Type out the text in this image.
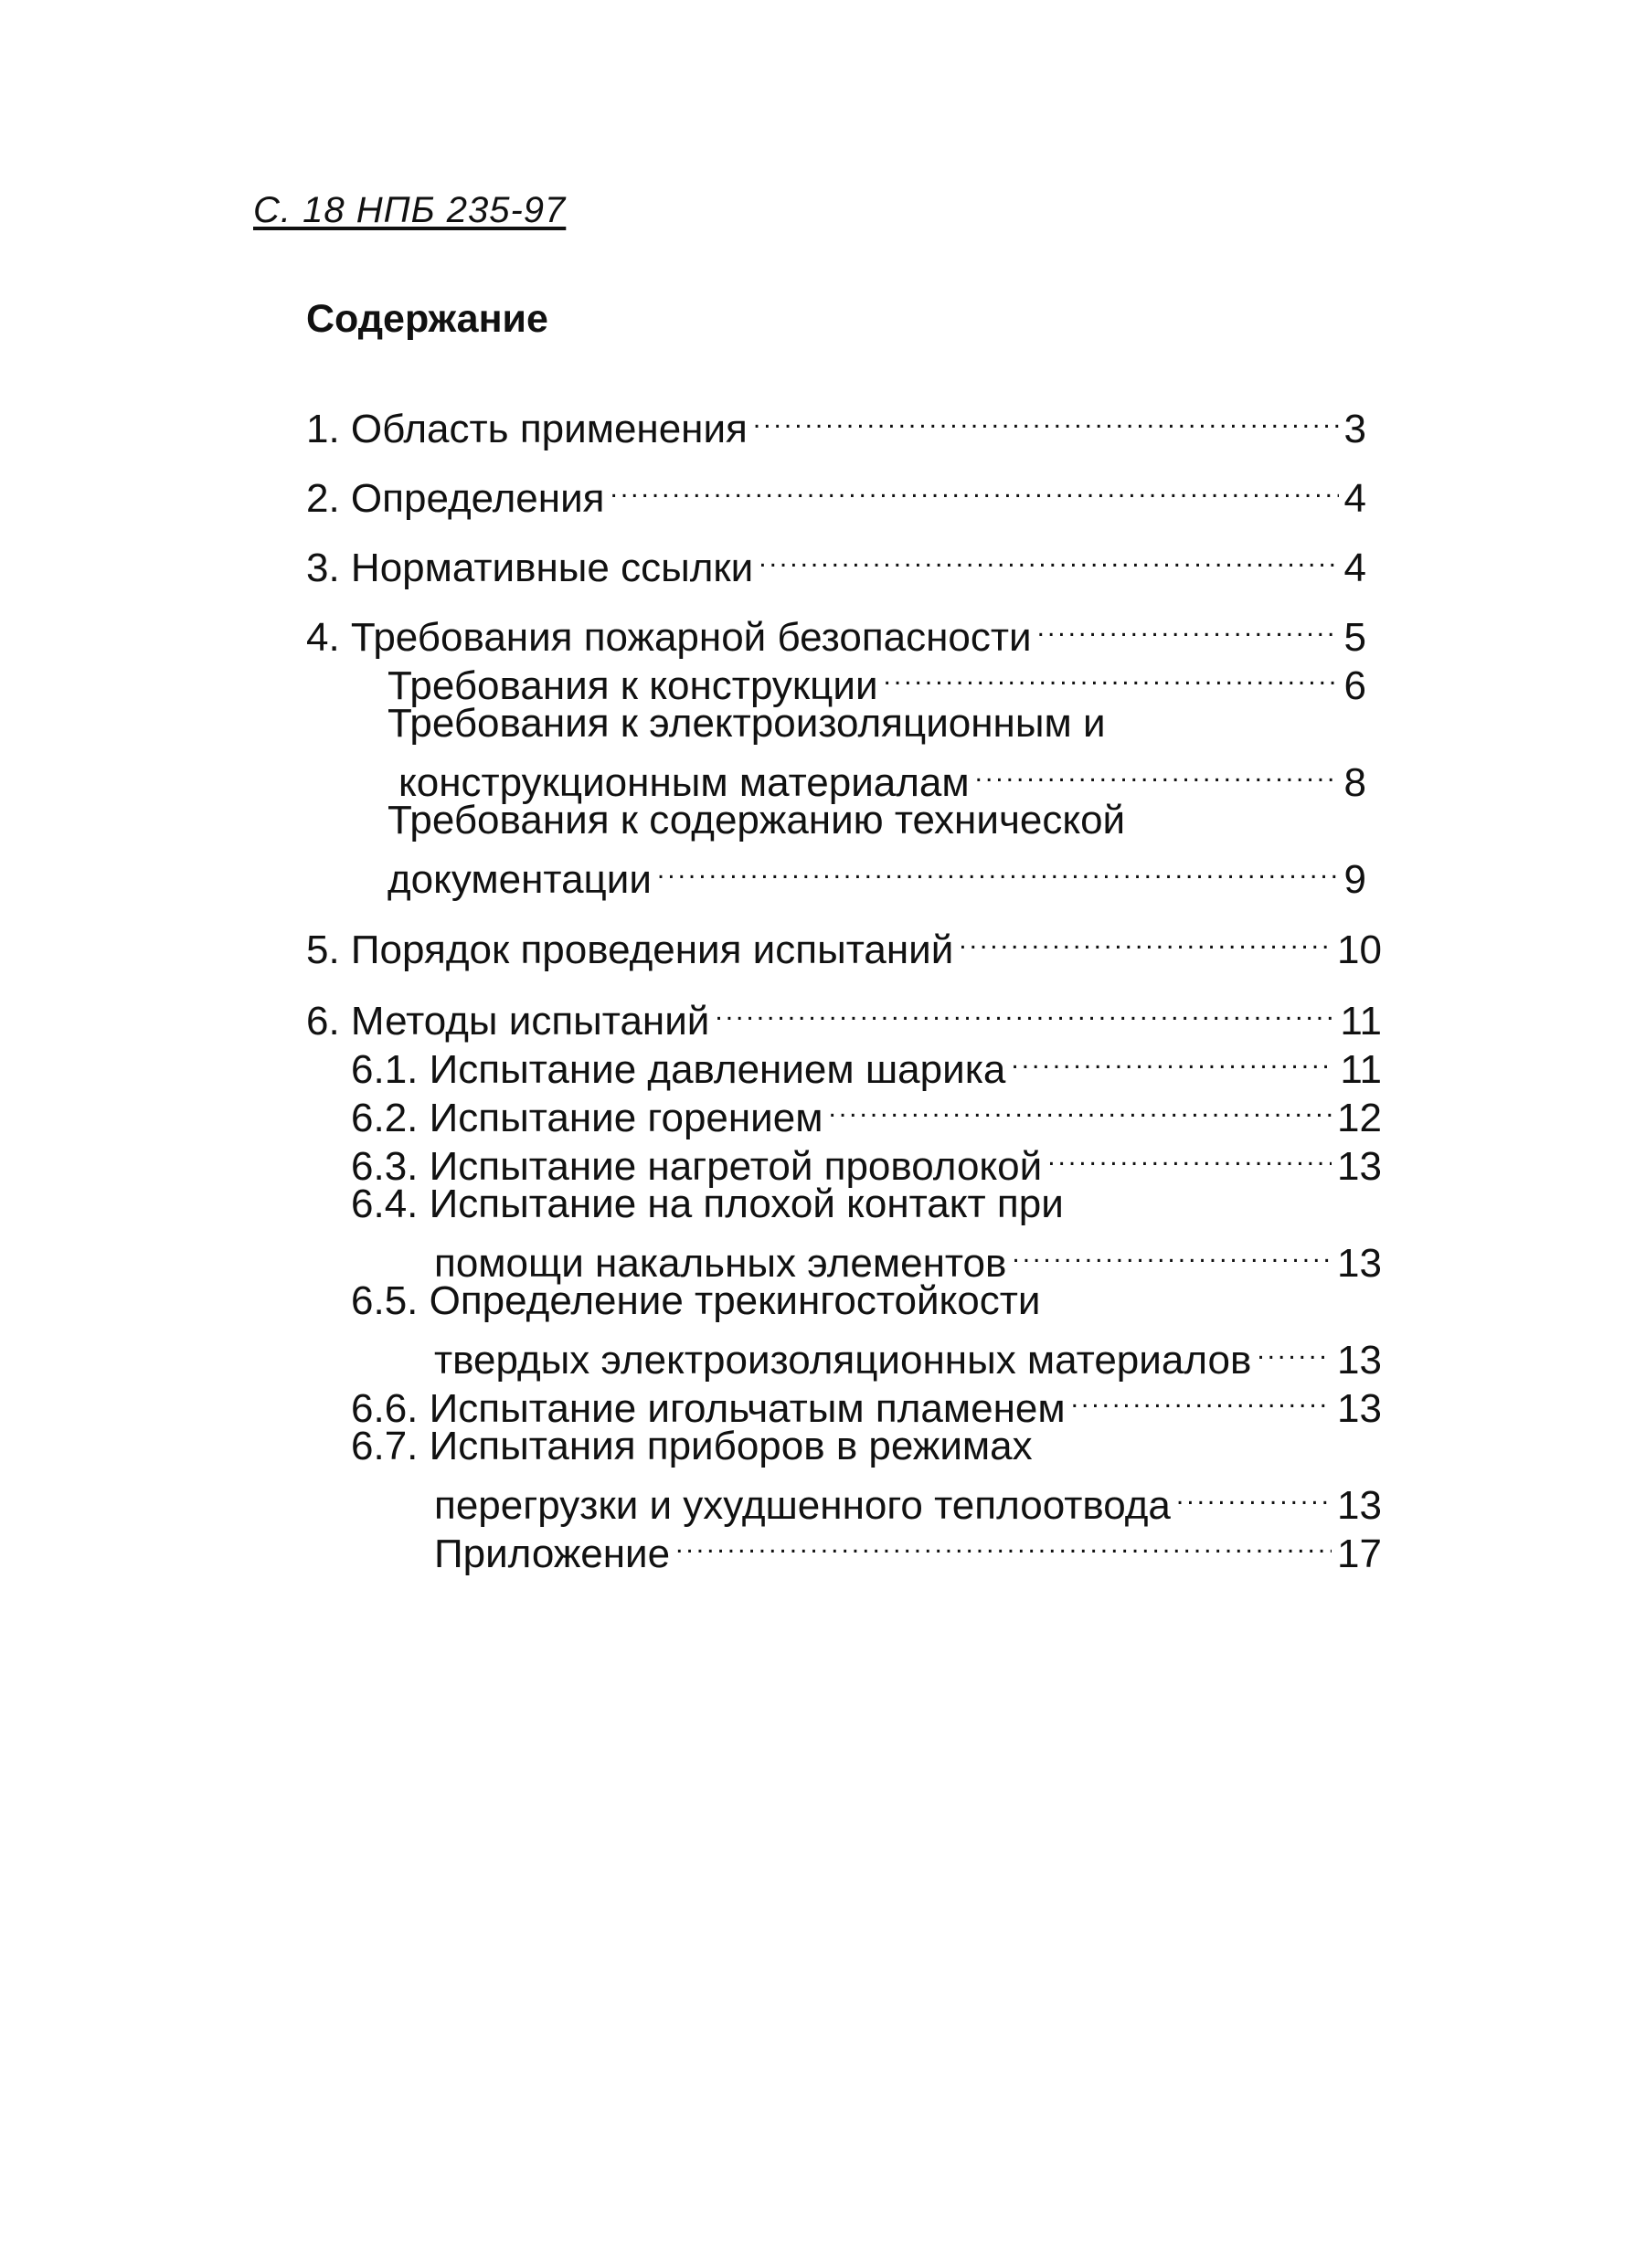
С. 18 НПБ 235-97
Содержание
1. Область применения .....	3
2. Определения .....	4
3. Нормативные ссылки .....	4
4. Требования пожарной безопасности .....	5
Требования к конструкции .....	6
Требования к электроизоляционным и
конструкционным материалам .....	8
Требования к содержанию технической
документации .....	9
5. Порядок проведения испытаний .....	10
6. Методы испытаний .....	11
6.1. Испытание давлением шарика .....	11
6.2. Испытание горением .....	12
6.3. Испытание нагретой проволокой .....	13
6.4. Испытание на плохой контакт при
помощи накальных элементов .....	13
6.5. Определение трекингостойкости
твердых электроизоляционных материалов ..... 13
6.6. Испытание игольчатым пламенем .....	13
6.7. Испытания приборов в режимах
перегрузки и ухудшенного теплоотвода .....	13
Приложение .....	17
